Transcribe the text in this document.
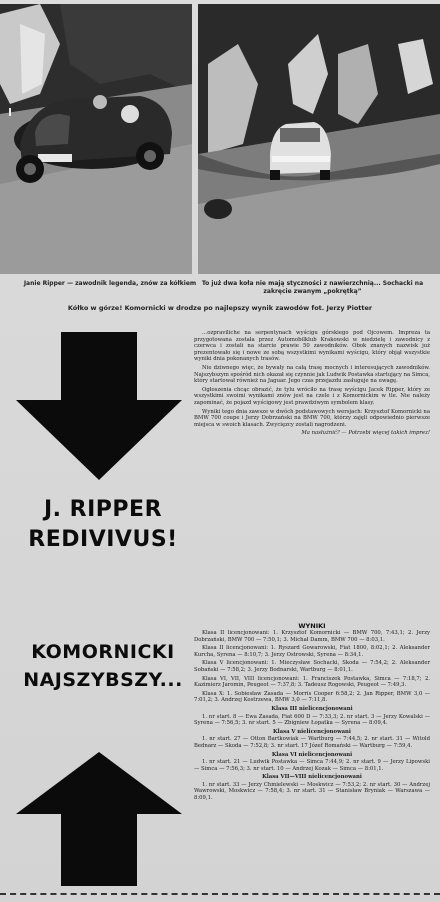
Janie Ripper — zawodnik legenda, znów za kółkiem To już dwa koła nie mają styczności z nawierzchnią... Sochacki na zakręcie zwanym „pokrętką”
Kółko w górze! Komornicki w drodze po najlepszy wynik zawodów fot. Jerzy Piotter
J. RIPPER
REDIVIVUS!
KOMORNICKI
NAJSZYBSZY...

…ozpraviliche na serpentynach wyścigu górskiego pod Ojcowem. Impreza ta przygotowana została przez Automobilklub Krakowski w niedzielę i zawodnicy z czerwca i zostali na starcie prawie 50 zawodników. Obok znanych nazwisk już prezentowało się i nowe ze sobą wszystkimi wynikami wyścigu, który objął wszystkie wyniki dnia pokonanych trasów.

Nie dziwnego więc, że bywały na całą trasę mocnych i interesujących zawodników. Najszybszym spośród nich okazał się czynnie jak Ludwik Postawka startujący na Simca, który startował również na Jaguar. Jego czas przejazdu zasługuje na uwagę.

Ogłoszenia chcąc obrazić, że tylu wróciło na trasę wyścigu Jacek Ripper, który ze wszystkimi swoimi wynikami znów jest na czele i z Komornickim w tle. Nie należy zapominać, że pojazd wyścigowy jest prawdziwym symbolem klasy.

Wyniki tego dnia zawsze w dwóch podstawowych wersjach: Krzysztof Komornicki na BMW 700 coupe i Jerzy Dobrzański na BMW 700, którzy zajęli odpowiednio pierwsze miejsca w swoich klasach. Zwycięzcy zostali nagrodzeni.

Ma nasłużnić? — Potrzebi więcej takich imprez!

WYNIKI

Klasa II licencjonowani: 1. Krzysztof Komornicki — BMW 700, 7:43,1; 2. Jerzy Dobrzański, BMW 700 — 7:50,1; 3. Michał Damm, BMW 700 — 8:03,1.

Klasa II licencjonowani: 1. Ryszard Gowarowski, Fiat 1800, 8:02,1; 2. Aleksander Kurcha, Syrena — 8:10,7; 3. Jerzy Ostrowski, Syrena — 8:34,1.

Klasa V licencjonowani: 1. Mieczysław Sochacki, Skoda — 7:54,2; 2. Aleksander Sobański — 7:58,2; 3. Jerzy Bodnarski, Wartburg — 8:01,1.

Klasa VI, VII, VIII licencjonowani: 1. Franciszek Postawka, Simca — 7:18,7; 2. Kazimierz Jaromin, Peugeot — 7:37,8; 3. Tadeusz Rogowski, Peugeot — 7:49,3.

Klasa X: 1. Sobiesław Zasada — Morris Cooper 6:58,2; 2. Jan Ripper, BMW 3,0 — 7:01,2; 3. Andrzej Kostrzewa, BMW 3,0 — 7:11,8.

Klasa III nielicencjonowani

1. nr start. 8 — Ewa Zasada, Fiat 600 D — 7:33,3; 2. nr start. 3 — Jerzy Kowalski — Syrena — 7:56,5; 3. nr start. 5 — Zbigniew Łopatka — Syrena — 8:09,4.

Klasa V nielicencjonowani

1. nr start. 27 — Otton Bartkowiak — Wartburg — 7:44,5; 2. nr start. 31 — Witold Bednarz — Skoda — 7:52,8; 3. nr start. 17 Józef Romański — Wartburg — 7:59,4.

Klasa VI nielicencjonowani

1. nr start. 21 — Ludwik Postawka — Simca 7:44,9; 2. nr start. 9 — Jerzy Lipowski — Simca — 7:56,3; 3. nr start. 10 — Andrzej Kozak — Simca — 8:01,1.

Klasa VII—VIII nielicencjonowani

1. nr start. 33 — Jerzy Chmielewski — Moskwicz — 7:53,2; 2. nr start. 30 — Andrzej Wawrowski, Moskwicz — 7:58,4; 3. nr start. 31 — Stanisław Bryniak — Warszawa — 8:09,1.
